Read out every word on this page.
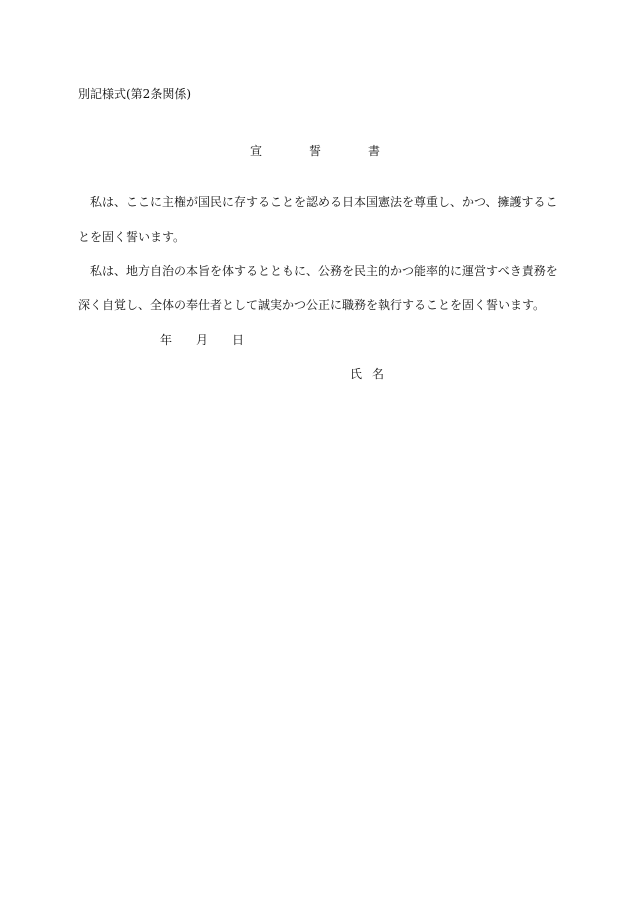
別記様式(第2条関係)
宣	誓	書
　私は、ここに主権が国民に存することを認める日本国憲法を尊重し、かつ、擁護するこ
とを固く誓います。
　私は、地方自治の本旨を体するとともに、公務を民主的かつ能率的に運営すべき責務を
深く自覚し、全体の奉仕者として誠実かつ公正に職務を執行することを固く誓います。
年 月 日
氏 名
